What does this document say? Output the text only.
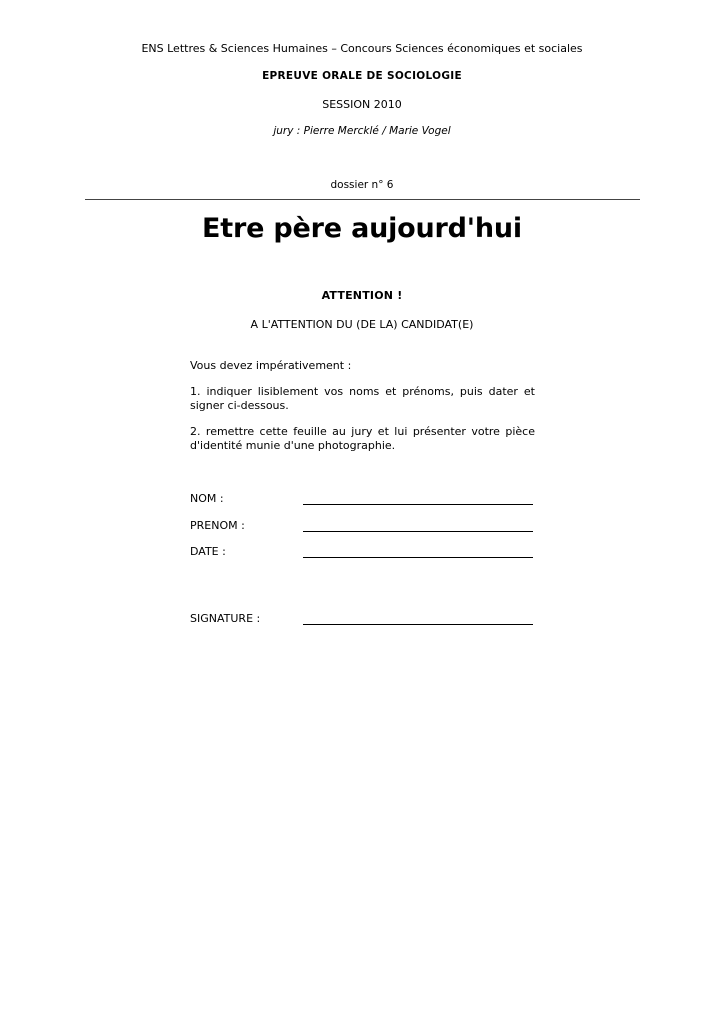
ENS Lettres & Sciences Humaines – Concours Sciences économiques et sociales
EPREUVE ORALE DE SOCIOLOGIE
SESSION 2010
jury : Pierre Mercklé / Marie Vogel
dossier n° 6
Etre père aujourd'hui
ATTENTION !
A L'ATTENTION DU (DE LA) CANDIDAT(E)
Vous devez impérativement :
1. indiquer lisiblement vos noms et prénoms, puis dater et signer ci-dessous.
2. remettre cette feuille au jury et lui présenter votre pièce d'identité munie d'une photographie.
NOM :
PRENOM :
DATE :
SIGNATURE :
